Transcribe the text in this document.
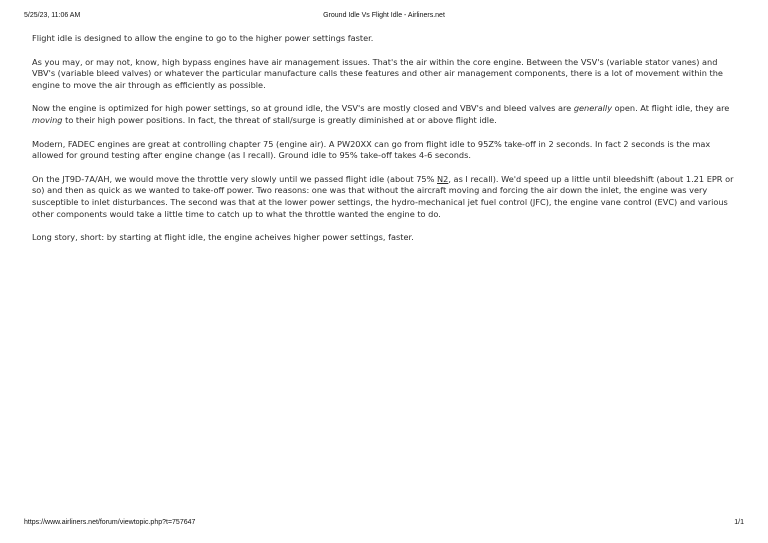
5/25/23, 11:06 AM	Ground Idle Vs Flight Idle - Airliners.net

Flight idle is designed to allow the engine to go to the higher power settings faster.

As you may, or may not, know, high bypass engines have air management issues. That's the air within the core engine. Between the VSV's (variable stator vanes) and VBV's (variable bleed valves) or whatever the particular manufacture calls these features and other air management components, there is a lot of movement within the engine to move the air through as efficiently as possible.

Now the engine is optimized for high power settings, so at ground idle, the VSV's are mostly closed and VBV's and bleed valves are generally open. At flight idle, they are moving to their high power positions. In fact, the threat of stall/surge is greatly diminished at or above flight idle.

Modern, FADEC engines are great at controlling chapter 75 (engine air). A PW20XX can go from flight idle to 95Z% take-off in 2 seconds. In fact 2 seconds is the max allowed for ground testing after engine change (as I recall). Ground idle to 95% take-off takes 4-6 seconds.

On the JT9D-7A/AH, we would move the throttle very slowly until we passed flight idle (about 75% N2, as I recall). We'd speed up a little until bleedshift (about 1.21 EPR or so) and then as quick as we wanted to take-off power. Two reasons: one was that without the aircraft moving and forcing the air down the inlet, the engine was very susceptible to inlet disturbances. The second was that at the lower power settings, the hydro-mechanical jet fuel control (JFC), the engine vane control (EVC) and various other components would take a little time to catch up to what the throttle wanted the engine to do.

Long story, short: by starting at flight idle, the engine acheives higher power settings, faster.

https://www.airliners.net/forum/viewtopic.php?t=757647	1/1
